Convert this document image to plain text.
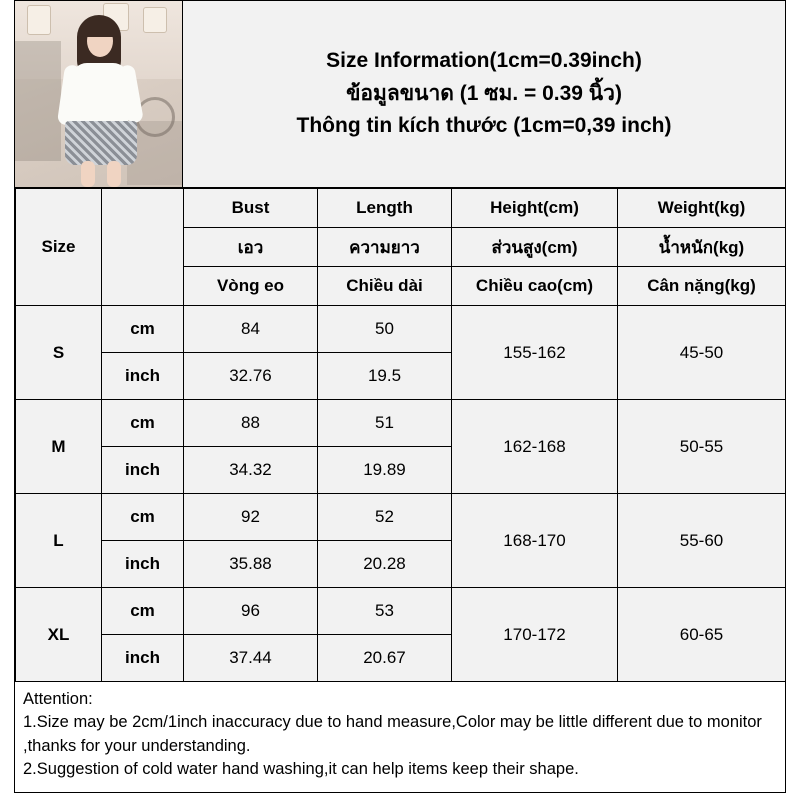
Size Information(1cm=0.39inch)
ข้อมูลขนาด (1 ซม. = 0.39 นิ้ว)
Thông tin kích thước (1cm=0,39 inch)
Size		Bust	Length	Height(cm)	Weight(kg)
		เอว	ความยาว	ส่วนสูง(cm)	น้ำหนัก(kg)
		Vòng eo	Chiều dài	Chiều cao(cm)	Cân nặng(kg)
S	cm	84	50	155-162	45-50
	inch	32.76	19.5		
M	cm	88	51	162-168	50-55
	inch	34.32	19.89		
L	cm	92	52	168-170	55-60
	inch	35.88	20.28		
XL	cm	96	53	170-172	60-65
	inch	37.44	20.67		
Attention:
1.Size may be 2cm/1inch inaccuracy due to hand measure,Color may be little different due to monitor ,thanks for your understanding.
2.Suggestion of cold water hand washing,it can help items keep their shape.
